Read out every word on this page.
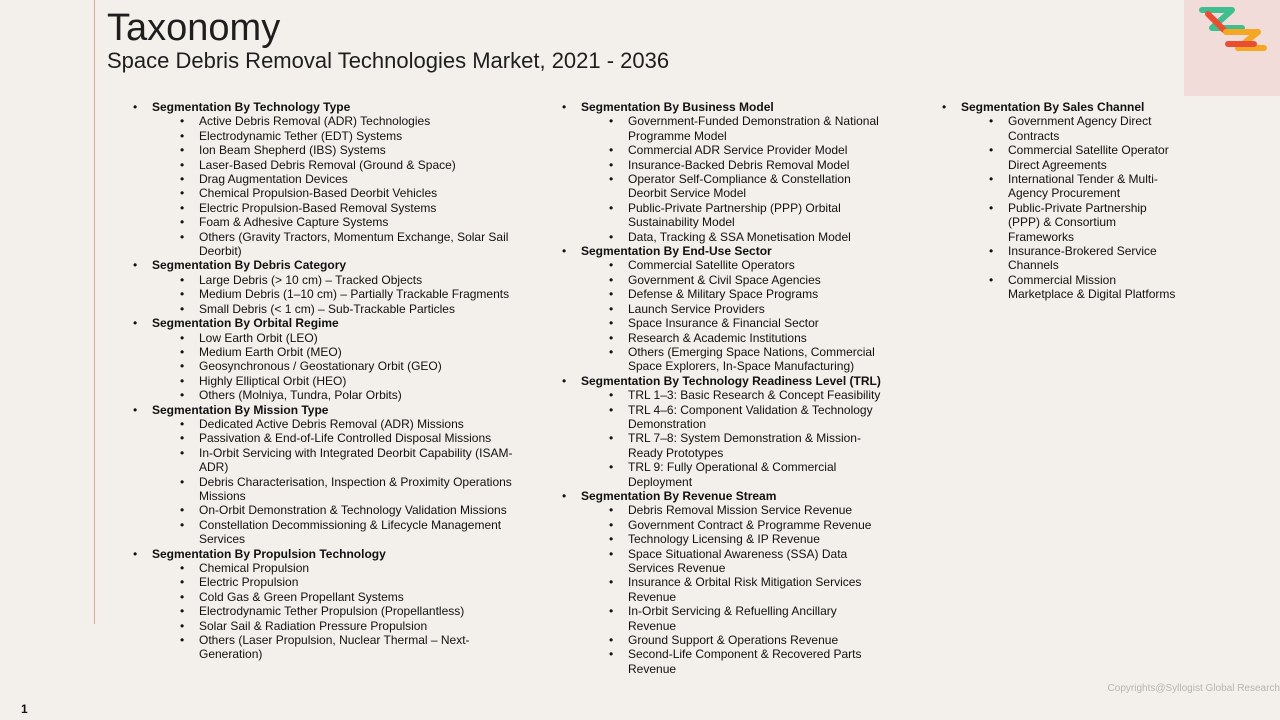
Taxonomy
Space Debris Removal Technologies Market, 2021 - 2036
• Segmentation By Technology Type
• Active Debris Removal (ADR) Technologies
• Electrodynamic Tether (EDT) Systems
• Ion Beam Shepherd (IBS) Systems
• Laser-Based Debris Removal (Ground & Space)
• Drag Augmentation Devices
• Chemical Propulsion-Based Deorbit Vehicles
• Electric Propulsion-Based Removal Systems
• Foam & Adhesive Capture Systems
• Others (Gravity Tractors, Momentum Exchange, Solar Sail Deorbit)
• Segmentation By Debris Category
• Large Debris (> 10 cm) – Tracked Objects
• Medium Debris (1–10 cm) – Partially Trackable Fragments
• Small Debris (< 1 cm) – Sub-Trackable Particles
• Segmentation By Orbital Regime
• Low Earth Orbit (LEO)
• Medium Earth Orbit (MEO)
• Geosynchronous / Geostationary Orbit (GEO)
• Highly Elliptical Orbit (HEO)
• Others (Molniya, Tundra, Polar Orbits)
• Segmentation By Mission Type
• Dedicated Active Debris Removal (ADR) Missions
• Passivation & End-of-Life Controlled Disposal Missions
• In-Orbit Servicing with Integrated Deorbit Capability (ISAM-ADR)
• Debris Characterisation, Inspection & Proximity Operations Missions
• On-Orbit Demonstration & Technology Validation Missions
• Constellation Decommissioning & Lifecycle Management Services
• Segmentation By Propulsion Technology
• Chemical Propulsion
• Electric Propulsion
• Cold Gas & Green Propellant Systems
• Electrodynamic Tether Propulsion (Propellantless)
• Solar Sail & Radiation Pressure Propulsion
• Others (Laser Propulsion, Nuclear Thermal – Next-Generation)
• Segmentation By Business Model
• Government-Funded Demonstration & National Programme Model
• Commercial ADR Service Provider Model
• Insurance-Backed Debris Removal Model
• Operator Self-Compliance & Constellation Deorbit Service Model
• Public-Private Partnership (PPP) Orbital Sustainability Model
• Data, Tracking & SSA Monetisation Model
• Segmentation By End-Use Sector
• Commercial Satellite Operators
• Government & Civil Space Agencies
• Defense & Military Space Programs
• Launch Service Providers
• Space Insurance & Financial Sector
• Research & Academic Institutions
• Others (Emerging Space Nations, Commercial Space Explorers, In-Space Manufacturing)
• Segmentation By Technology Readiness Level (TRL)
• TRL 1–3: Basic Research & Concept Feasibility
• TRL 4–6: Component Validation & Technology Demonstration
• TRL 7–8: System Demonstration & Mission-Ready Prototypes
• TRL 9: Fully Operational & Commercial Deployment
• Segmentation By Revenue Stream
• Debris Removal Mission Service Revenue
• Government Contract & Programme Revenue
• Technology Licensing & IP Revenue
• Space Situational Awareness (SSA) Data Services Revenue
• Insurance & Orbital Risk Mitigation Services Revenue
• In-Orbit Servicing & Refuelling Ancillary Revenue
• Ground Support & Operations Revenue
• Second-Life Component & Recovered Parts Revenue
• Segmentation By Sales Channel
• Government Agency Direct Contracts
• Commercial Satellite Operator Direct Agreements
• International Tender & Multi-Agency Procurement
• Public-Private Partnership (PPP) & Consortium Frameworks
• Insurance-Brokered Service Channels
• Commercial Mission Marketplace & Digital Platforms
Copyrights@Syllogist Global Research
1
